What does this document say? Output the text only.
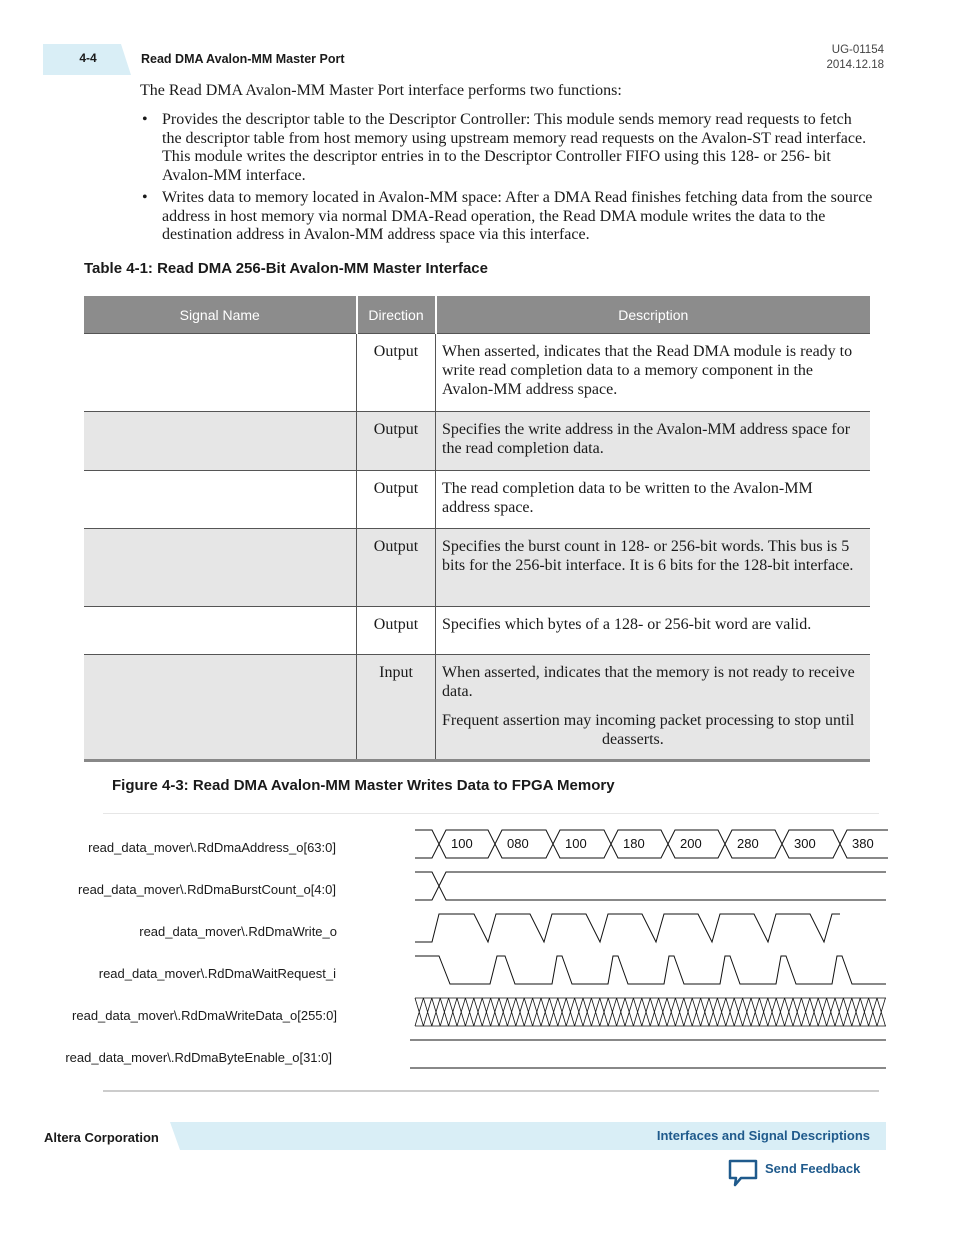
4-4	Read DMA Avalon-MM Master Port
UG-01154
2014.12.18
The Read DMA Avalon-MM Master Port interface performs two functions:
• Provides the descriptor table to the Descriptor Controller: This module sends memory read requests to fetch the descriptor table from host memory using upstream memory read requests on the Avalon-ST read interface. This module writes the descriptor entries in to the Descriptor Controller FIFO using this 128- or 256- bit Avalon-MM interface.
• Writes data to memory located in Avalon-MM space: After a DMA Read finishes fetching data from the source address in host memory via normal DMA-Read operation, the Read DMA module writes the data to the destination address in Avalon-MM address space via this interface.
Table 4-1: Read DMA 256-Bit Avalon-MM Master Interface
Signal Name	Direction	Description
	Output	When asserted, indicates that the Read DMA module is ready to write read completion data to a memory component in the Avalon-MM address space.
	Output	Specifies the write address in the Avalon-MM address space for the read completion data.
	Output	The read completion data to be written to the Avalon-MM address space.
	Output	Specifies the burst count in 128- or 256-bit words. This bus is 5 bits for the 256-bit interface. It is 6 bits for the 128-bit interface.
	Output	Specifies which bytes of a 128- or 256-bit word are valid.
	Input	When asserted, indicates that the memory is not ready to receive data.

Frequent assertion may incoming packet processing to stop untildeasserts.

Figure 4-3: Read DMA Avalon-MM Master Writes Data to FPGA Memory
read_data_mover\.RdDmaAddress_o[63:0]
read_data_mover\.RdDmaBurstCount_o[4:0]
read_data_mover\.RdDmaWrite_o
read_data_mover\.RdDmaWaitRequest_i
read_data_mover\.RdDmaWriteData_o[255:0]
read_data_mover\.RdDmaByteEnable_o[31:0]
100	080	100	180	200	280	300	380
Altera Corporation	Interfaces and Signal Descriptions
Send Feedback
